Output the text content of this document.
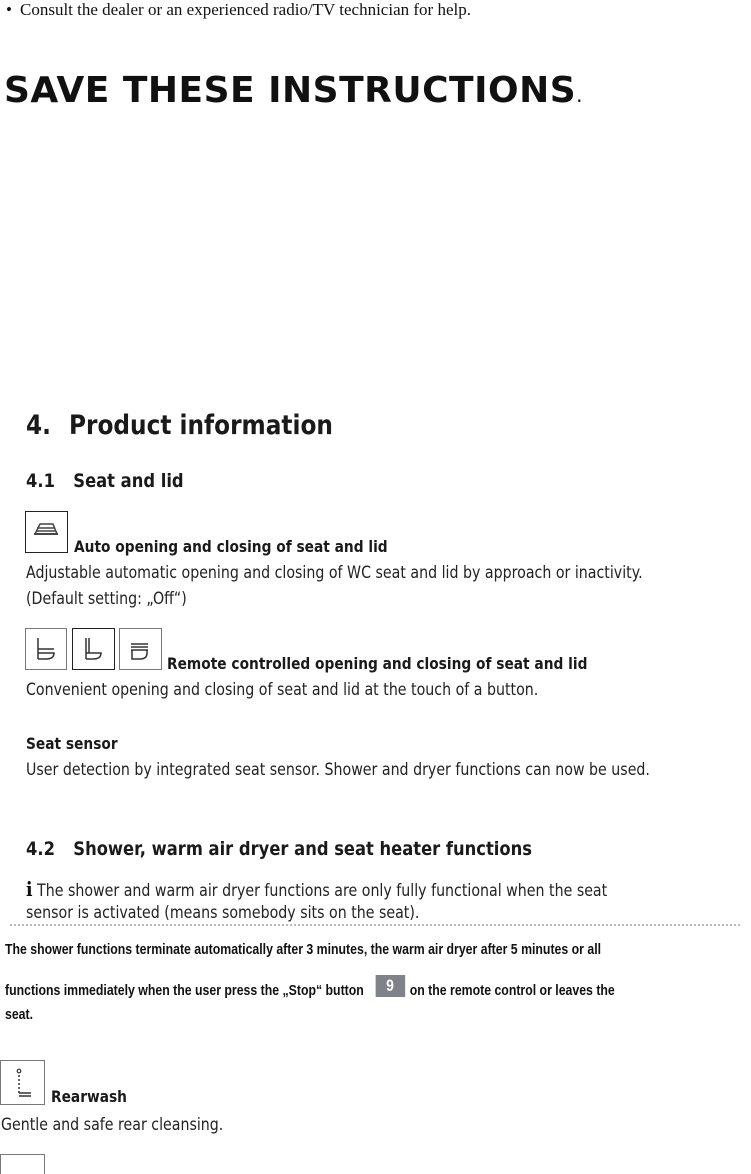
• Consult the dealer or an experienced radio/TV technician for help.
SAVE THESE INSTRUCTIONS.
4. Product information
4.1 Seat and lid
Auto opening and closing of seat and lid
Adjustable automatic opening and closing of WC seat and lid by approach or inactivity.
(Default setting: „Off“)
Remote controlled opening and closing of seat and lid
Convenient opening and closing of seat and lid at the touch of a button.
Seat sensor
User detection by integrated seat sensor. Shower and dryer functions can now be used.
4.2 Shower, warm air dryer and seat heater functions
i The shower and warm air dryer functions are only fully functional when the seat
sensor is activated (means somebody sits on the seat).
The shower functions terminate automatically after 3 minutes, the warm air dryer after 5 minutes or all
functions immediately when the user press the „Stop“ button 9 on the remote control or leaves the
seat.
Rearwash
Gentle and safe rear cleansing.
